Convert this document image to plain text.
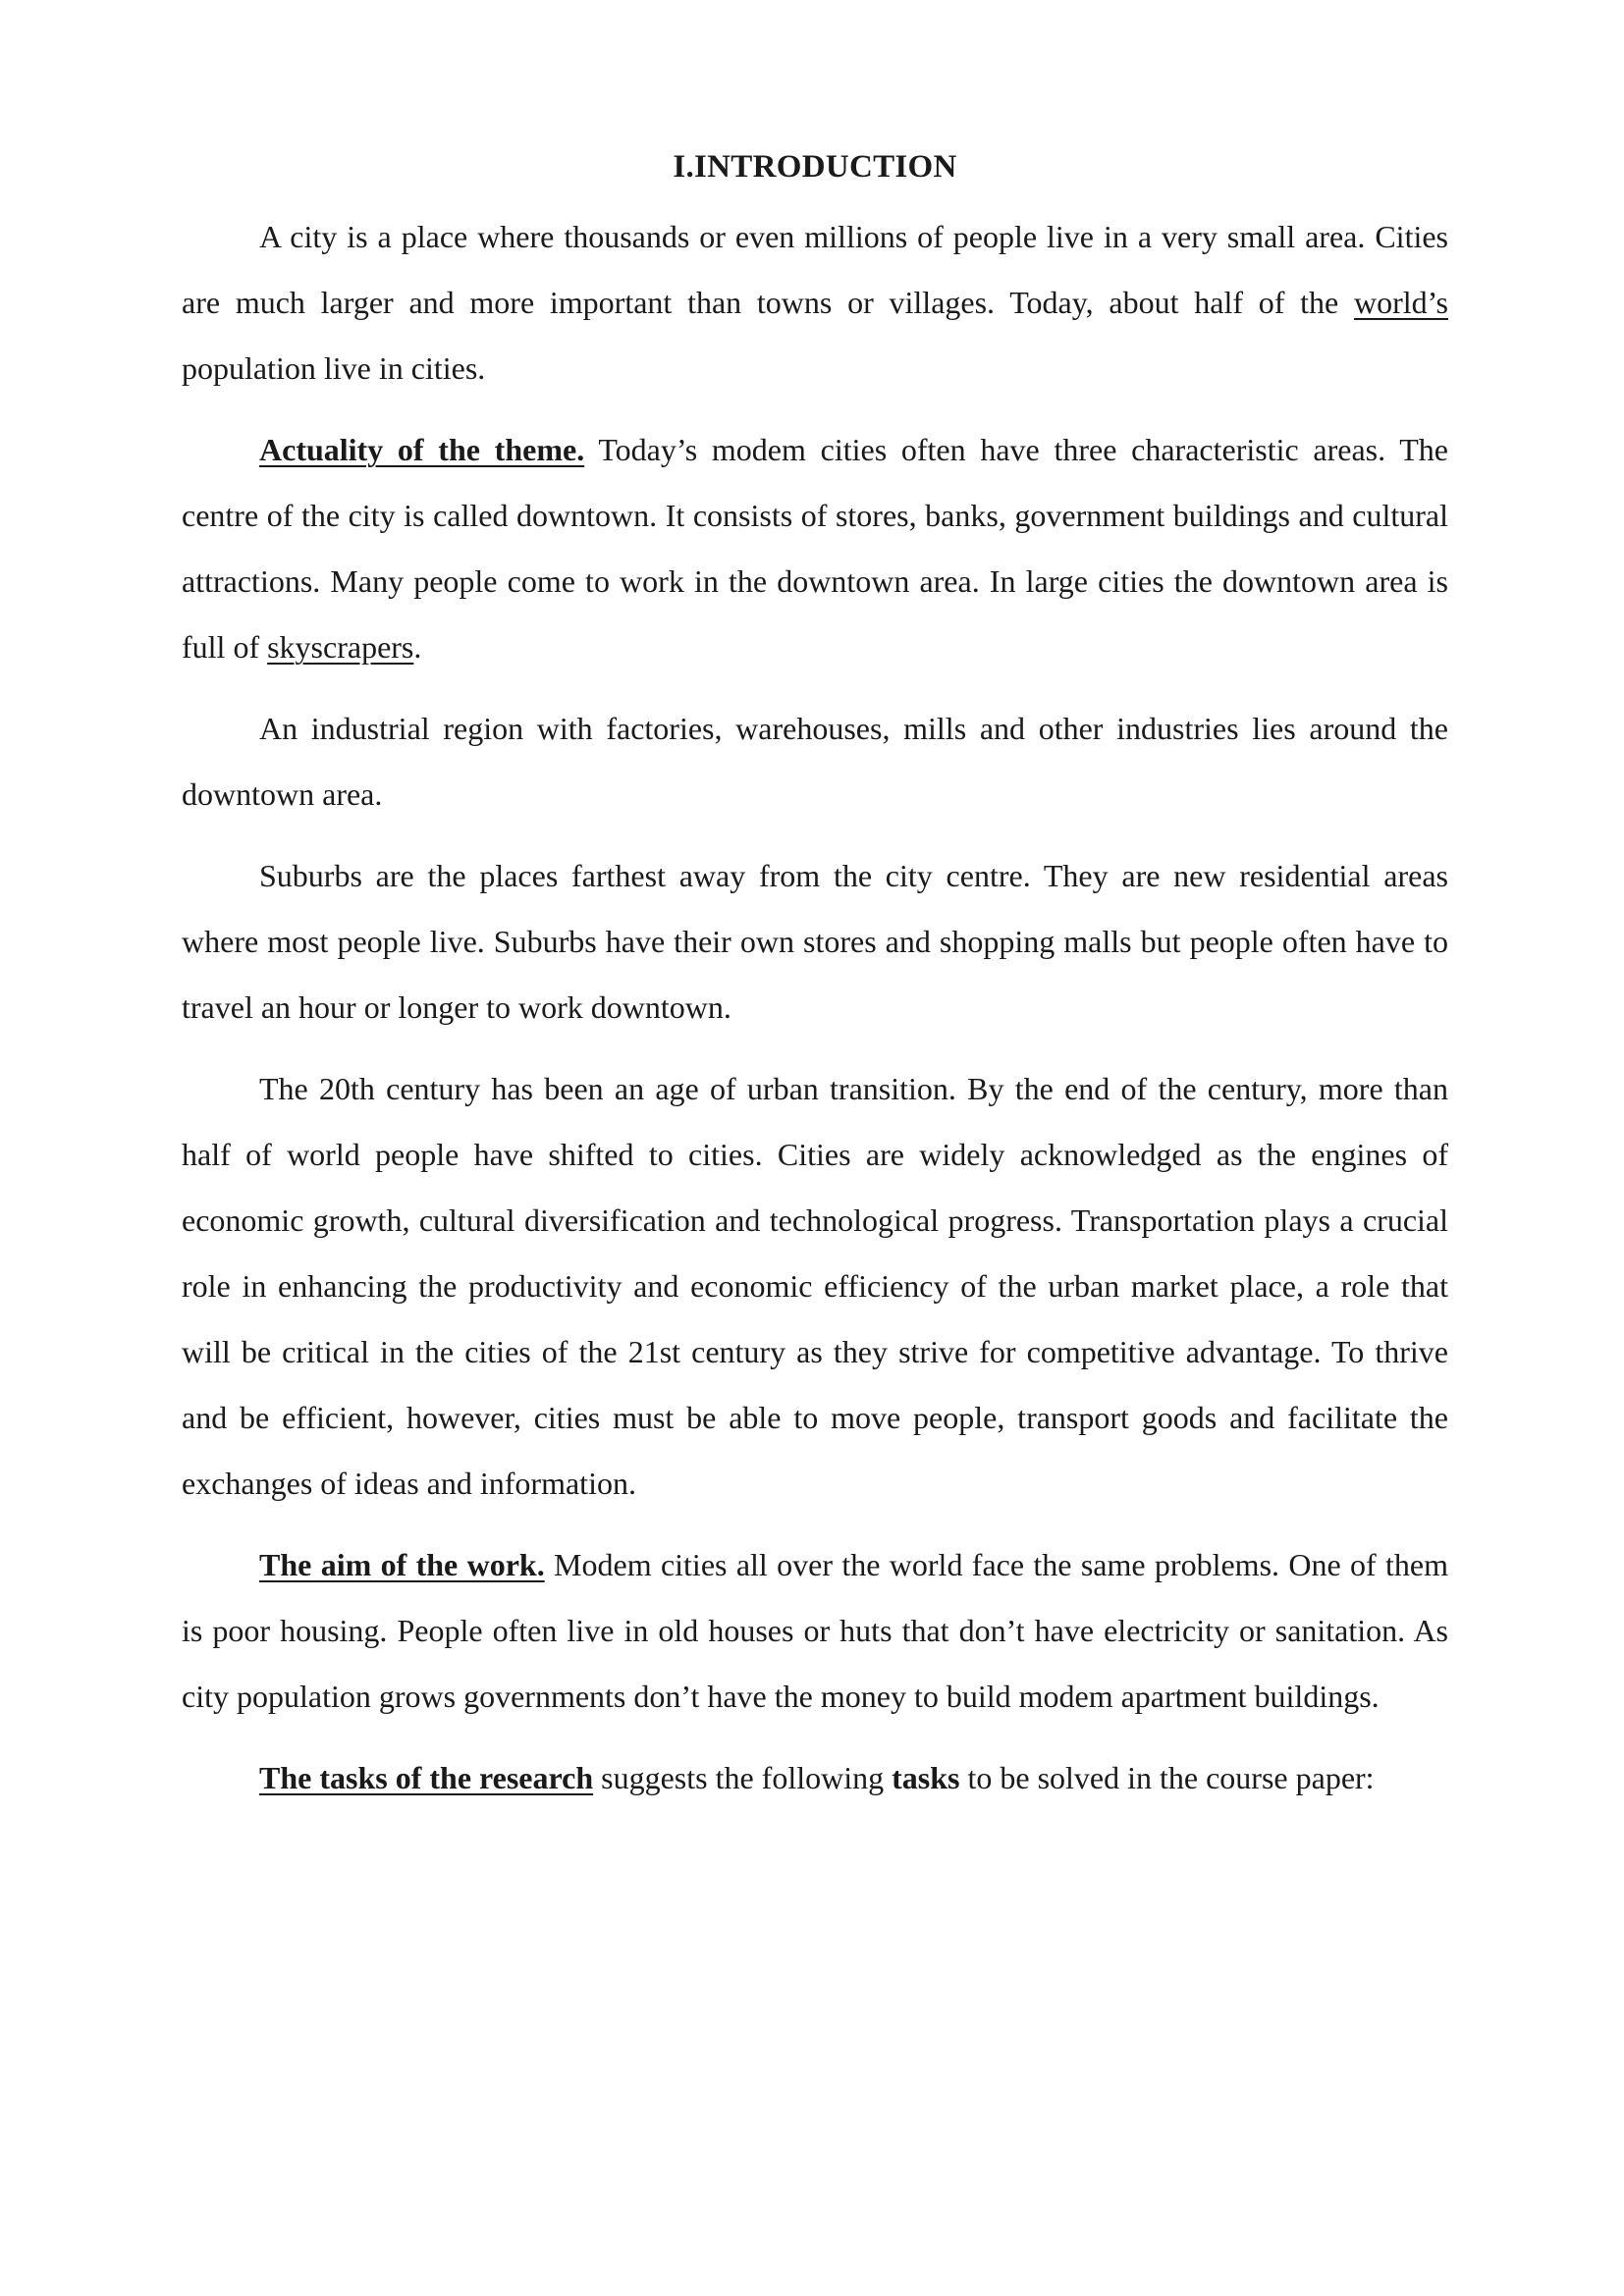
I.INTRODUCTION

A city is a place where thousands or even millions of people live in a very small area. Cities are much larger and more important than towns or villages. Today, about half of the world’s population live in cities.

Actuality of the theme. Today’s modem cities often have three characteristic areas. The centre of the city is called downtown. It consists of stores, banks, government buildings and cultural attractions. Many people come to work in the downtown area. In large cities the downtown area is full of skyscrapers.

An industrial region with factories, warehouses, mills and other industries lies around the downtown area.

Suburbs are the places farthest away from the city centre. They are new residential areas where most people live. Suburbs have their own stores and shopping malls but people often have to travel an hour or longer to work downtown.

The 20th century has been an age of urban transition. By the end of the century, more than half of world people have shifted to cities. Cities are widely acknowledged as the engines of economic growth, cultural diversification and technological progress. Transportation plays a crucial role in enhancing the productivity and economic efficiency of the urban market place, a role that will be critical in the cities of the 21st century as they strive for competitive advantage. To thrive and be efficient, however, cities must be able to move people, transport goods and facilitate the exchanges of ideas and information.

The aim of the work. Modem cities all over the world face the same problems. One of them is poor housing. People often live in old houses or huts that don’t have electricity or sanitation. As city population grows governments don’t have the money to build modem apartment buildings.

The tasks of the research suggests the following tasks to be solved in the course paper:
